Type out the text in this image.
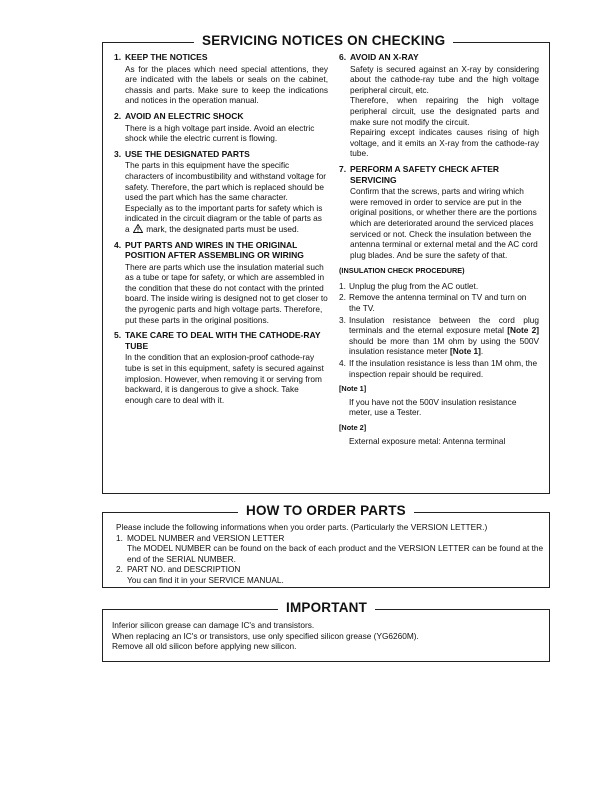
SERVICING NOTICES ON CHECKING
1. KEEP THE NOTICES

As for the places which need special attentions, they are indicated with the labels or seals on the cabinet, chassis and parts. Make sure to keep the indications and notices in the operation manual.

2. AVOID AN ELECTRIC SHOCK

There is a high voltage part inside. Avoid an electric shock while the electric current is flowing.

3. USE THE DESIGNATED PARTS

The parts in this equipment have the specific characters of incombustibility and withstand voltage for safety. Therefore, the part which is replaced should be used the part which has the same character.

Especially as to the important parts for safety which is indicated in the circuit diagram or the table of parts as a mark, the designated parts must be used.

4. PUT PARTS AND WIRES IN THE ORIGINAL POSITION AFTER ASSEMBLING OR WIRING

There are parts which use the insulation material such as a tube or tape for safety, or which are assembled in the condition that these do not contact with the printed board. The inside wiring is designed not to get closer to the pyrogenic parts and high voltage parts. Therefore, put these parts in the original positions.

5. TAKE CARE TO DEAL WITH THE CATHODE-RAY TUBE

In the condition that an explosion-proof cathode-ray tube is set in this equipment, safety is secured against implosion. However, when removing it or serving from backward, it is dangerous to give a shock. Take enough care to deal with it.

6. AVOID AN X-RAY

Safety is secured against an X-ray by considering about the cathode-ray tube and the high voltage peripheral circuit, etc.

Therefore, when repairing the high voltage peripheral circuit, use the designated parts and make sure not modify the circuit.

Repairing except indicates causes rising of high voltage, and it emits an X-ray from the cathode-ray tube.

7. PERFORM A SAFETY CHECK AFTER SERVICING

Confirm that the screws, parts and wiring which were removed in order to service are put in the original positions, or whether there are the portions which are deteriorated around the serviced places serviced or not. Check the insulation between the antenna terminal or external metal and the AC cord plug blades. And be sure the safety of that.

(INSULATION CHECK PROCEDURE)
1. Unplug the plug from the AC outlet.
2. Remove the antenna terminal on TV and turn on the TV.
3. Insulation resistance between the cord plug terminals and the eternal exposure metal [Note 2] should be more than 1M ohm by using the 500V insulation resistance meter [Note 1].
4. If the insulation resistance is less than 1M ohm, the inspection repair should be required.
[Note 1]
If you have not the 500V insulation resistance meter, use a Tester.
[Note 2]
External exposure metal: Antenna terminal
HOW TO ORDER PARTS
Please include the following informations when you order parts. (Particularly the VERSION LETTER.)
1. MODEL NUMBER and VERSION LETTER
The MODEL NUMBER can be found on the back of each product and the VERSION LETTER can be found at the end of the SERIAL NUMBER.
2. PART NO. and DESCRIPTION
You can find it in your SERVICE MANUAL.
IMPORTANT
Inferior silicon grease can damage IC's and transistors.
When replacing an IC's or transistors, use only specified silicon grease (YG6260M).
Remove all old silicon before applying new silicon.
